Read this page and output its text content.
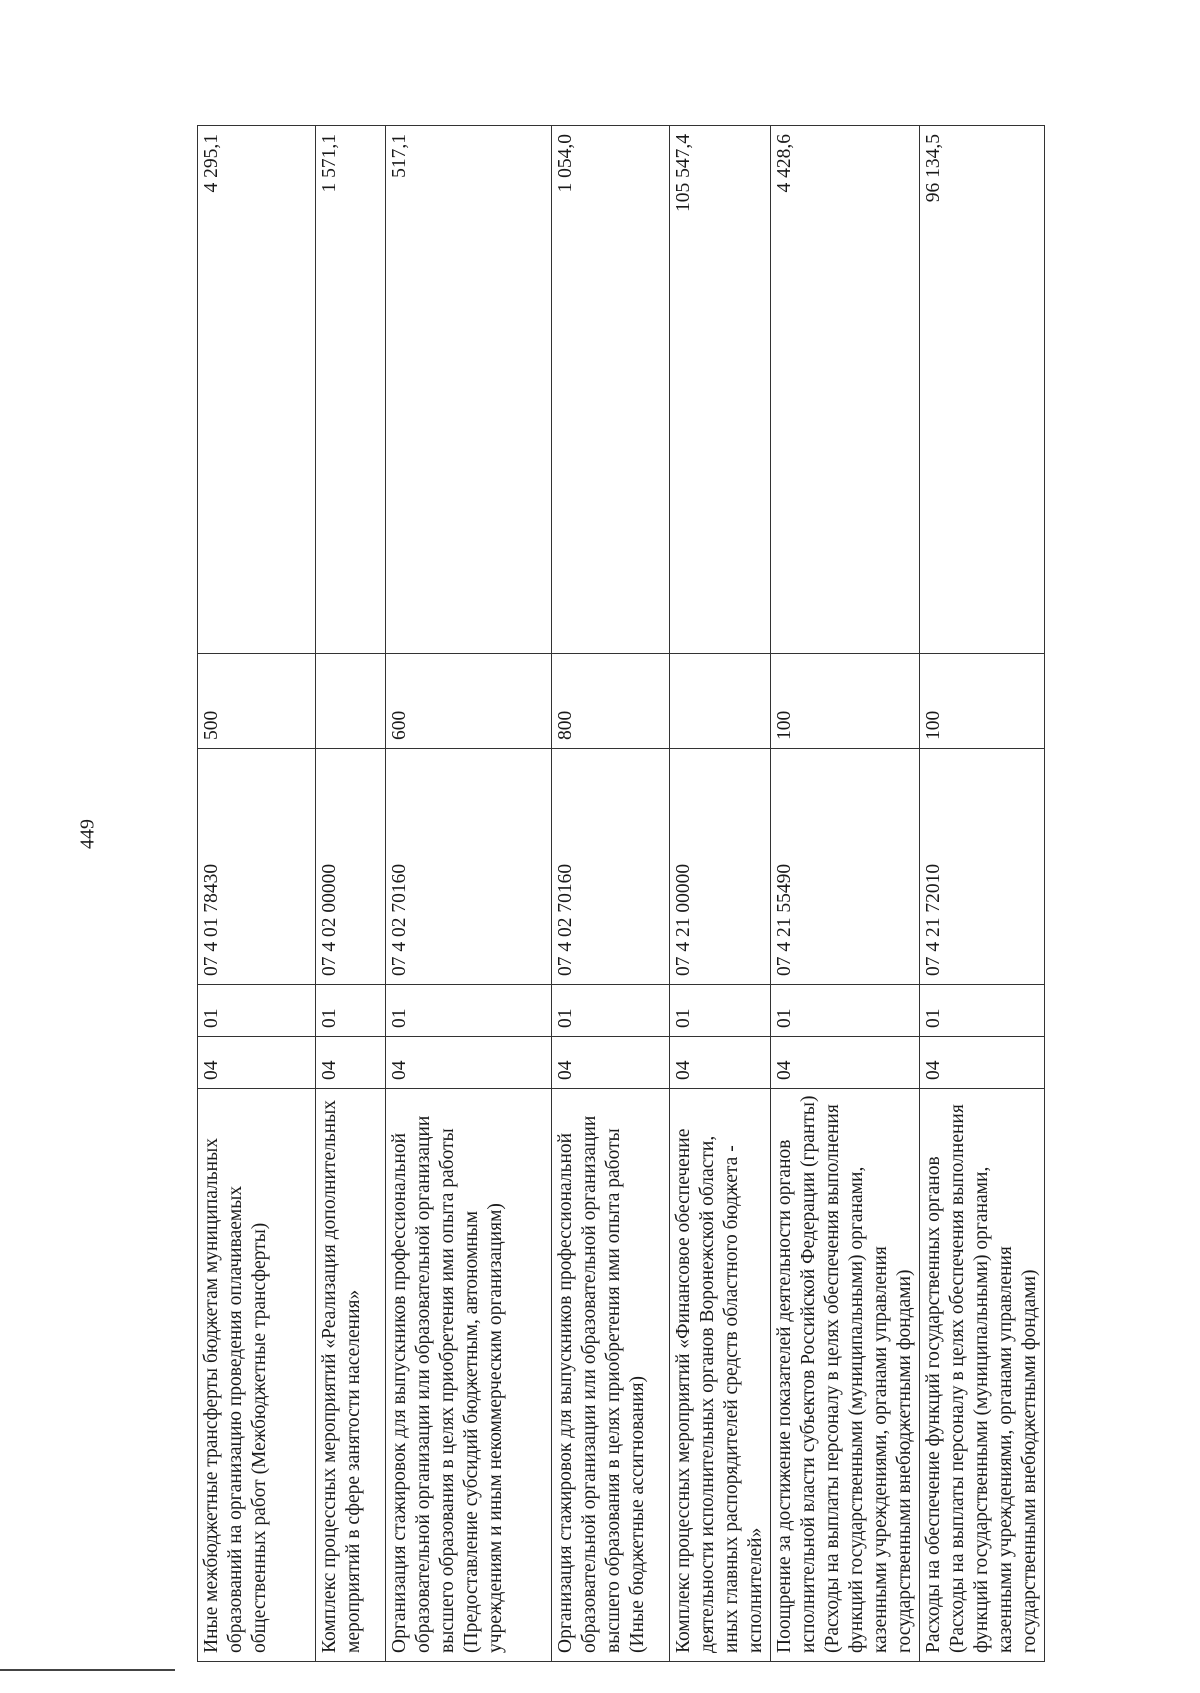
449
Иные межбюджетные трансферты бюджетам муниципальных образований на организацию проведения оплачиваемых общественных работ (Межбюджетные трансферты)	04	01	07 4 01 78430	500	4 295,1
Комплекс процессных мероприятий «Реализация дополнительных мероприятий в сфере занятости населения»	04	01	07 4 02 00000		1 571,1
Организация стажировок для выпускников профессиональной образовательной организации или образовательной организации высшего образования в целях приобретения ими опыта работы (Предоставление субсидий бюджетным, автономным учреждениям и иным некоммерческим организациям)	04	01	07 4 02 70160	600	517,1
Организация стажировок для выпускников профессиональной образовательной организации или образовательной организации высшего образования в целях приобретения ими опыта работы (Иные бюджетные ассигнования)	04	01	07 4 02 70160	800	1 054,0
Комплекс процессных мероприятий «Финансовое обеспечение деятельности исполнительных органов Воронежской области, иных главных распорядителей средств областного бюджета - исполнителей»	04	01	07 4 21 00000		105 547,4
Поощрение за достижение показателей деятельности органов исполнительной власти субъектов Российской Федерации (гранты) (Расходы на выплаты персоналу в целях обеспечения выполнения функций государственными (муниципальными) органами, казенными учреждениями, органами управления государственными внебюджетными фондами)	04	01	07 4 21 55490	100	4 428,6
Расходы на обеспечение функций государственных органов (Расходы на выплаты персоналу в целях обеспечения выполнения функций государственными (муниципальными) органами, казенными учреждениями, органами управления государственными внебюджетными фондами)	04	01	07 4 21 72010	100	96 134,5
